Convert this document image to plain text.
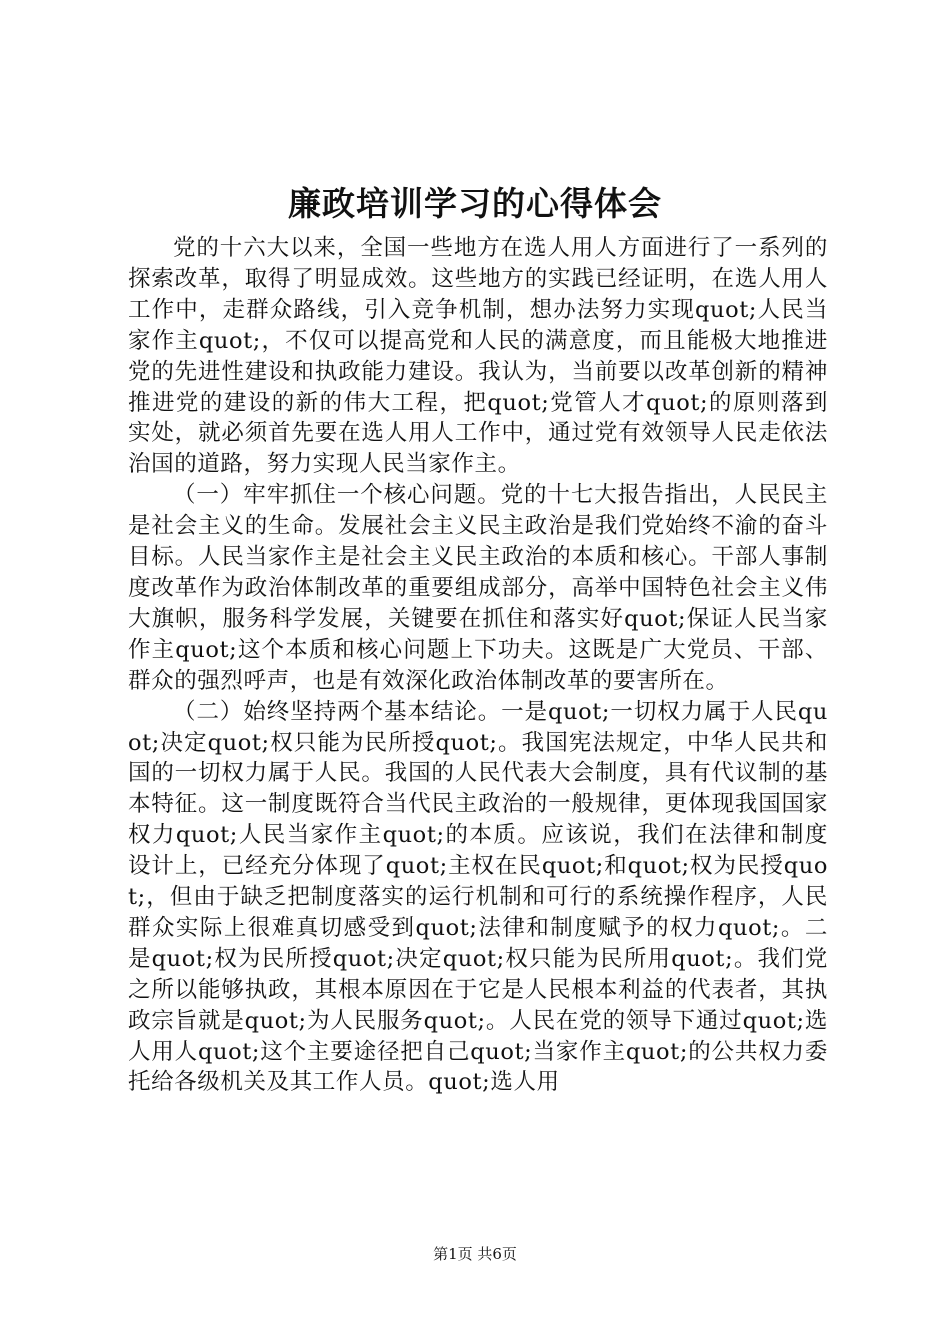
廉政培训学习的心得体会

党的十六大以来，全国一些地方在选人用人方面进行了一系列的探索改革，取得了明显成效。这些地方的实践已经证明，在选人用人工作中，走群众路线，引入竞争机制，想办法努力实现quot;人民当家作主quot;，不仅可以提高党和人民的满意度，而且能极大地推进党的先进性建设和执政能力建设。我认为，当前要以改革创新的精神推进党的建设的新的伟大工程，把quot;党管人才quot;的原则落到实处，就必须首先要在选人用人工作中，通过党有效领导人民走依法治国的道路，努力实现人民当家作主。

（一）牢牢抓住一个核心问题。党的十七大报告指出，人民民主是社会主义的生命。发展社会主义民主政治是我们党始终不渝的奋斗目标。人民当家作主是社会主义民主政治的本质和核心。干部人事制度改革作为政治体制改革的重要组成部分，高举中国特色社会主义伟大旗帜，服务科学发展，关键要在抓住和落实好quot;保证人民当家作主quot;这个本质和核心问题上下功夫。这既是广大党员、干部、群众的强烈呼声，也是有效深化政治体制改革的要害所在。

（二）始终坚持两个基本结论。一是quot;一切权力属于人民quot;决定quot;权只能为民所授quot;。我国宪法规定，中华人民共和国的一切权力属于人民。我国的人民代表大会制度，具有代议制的基本特征。这一制度既符合当代民主政治的一般规律，更体现我国国家权力quot;人民当家作主quot;的本质。应该说，我们在法律和制度设计上，已经充分体现了quot;主权在民quot;和quot;权为民授quot;，但由于缺乏把制度落实的运行机制和可行的系统操作程序，人民群众实际上很难真切感受到quot;法律和制度赋予的权力quot;。二是quot;权为民所授quot;决定quot;权只能为民所用quot;。我们党之所以能够执政，其根本原因在于它是人民根本利益的代表者，其执政宗旨就是quot;为人民服务quot;。人民在党的领导下通过quot;选人用人quot;这个主要途径把自己quot;当家作主quot;的公共权力委托给各级机关及其工作人员。quot;选人用

第1页 共6页
